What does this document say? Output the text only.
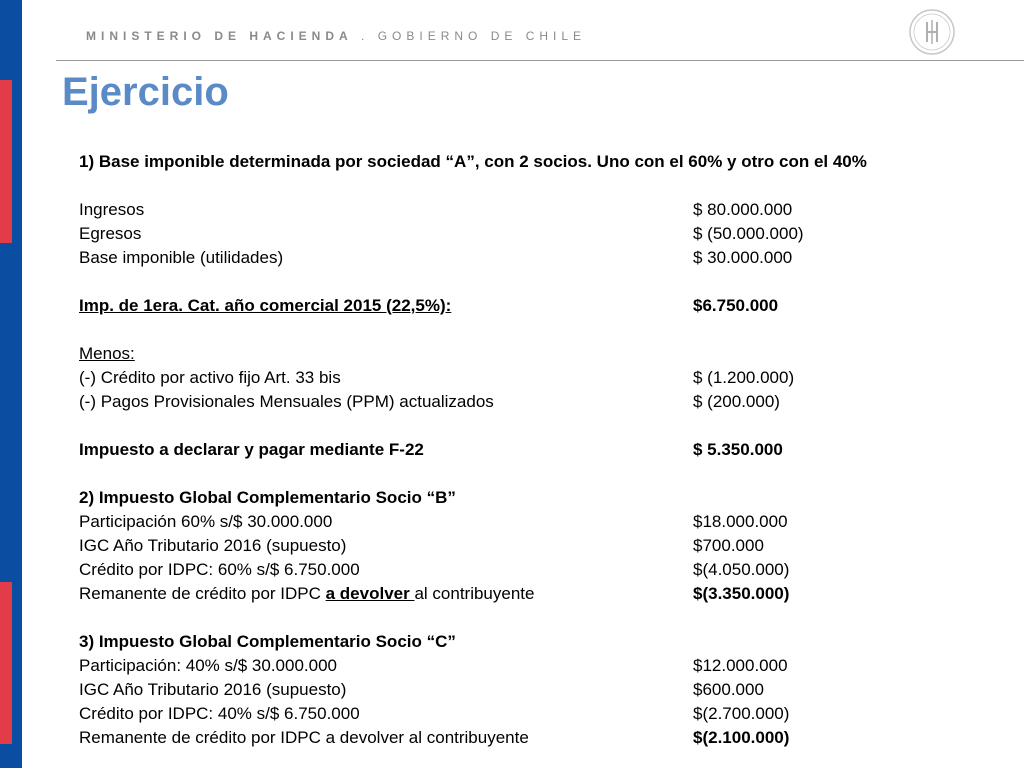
MINISTERIO DE HACIENDA . GOBIERNO DE CHILE
Ejercicio
1) Base imponible determinada por sociedad “A”, con 2 socios. Uno con el 60% y otro con el 40%
Ingresos	$ 80.000.000
Egresos	$ (50.000.000)
Base imponible (utilidades)	$ 30.000.000
Imp. de 1era. Cat. año comercial 2015 (22,5%):	$6.750.000
Menos:
(-) Crédito por activo fijo Art. 33 bis	$ (1.200.000)
(-) Pagos Provisionales Mensuales (PPM) actualizados	$ (200.000)
Impuesto a declarar y pagar mediante F-22	$ 5.350.000
2) Impuesto Global Complementario Socio “B”
Participación 60% s/$ 30.000.000	$18.000.000
IGC Año Tributario 2016 (supuesto)	$700.000
Crédito por IDPC: 60% s/$ 6.750.000	$(4.050.000)
Remanente de crédito por IDPC a devolver al contribuyente	$(3.350.000)
3) Impuesto Global Complementario Socio “C”
Participación: 40% s/$ 30.000.000	$12.000.000
IGC Año Tributario 2016 (supuesto)	$600.000
Crédito por IDPC: 40% s/$ 6.750.000	$(2.700.000)
Remanente de crédito por IDPC a devolver al contribuyente	$(2.100.000)
